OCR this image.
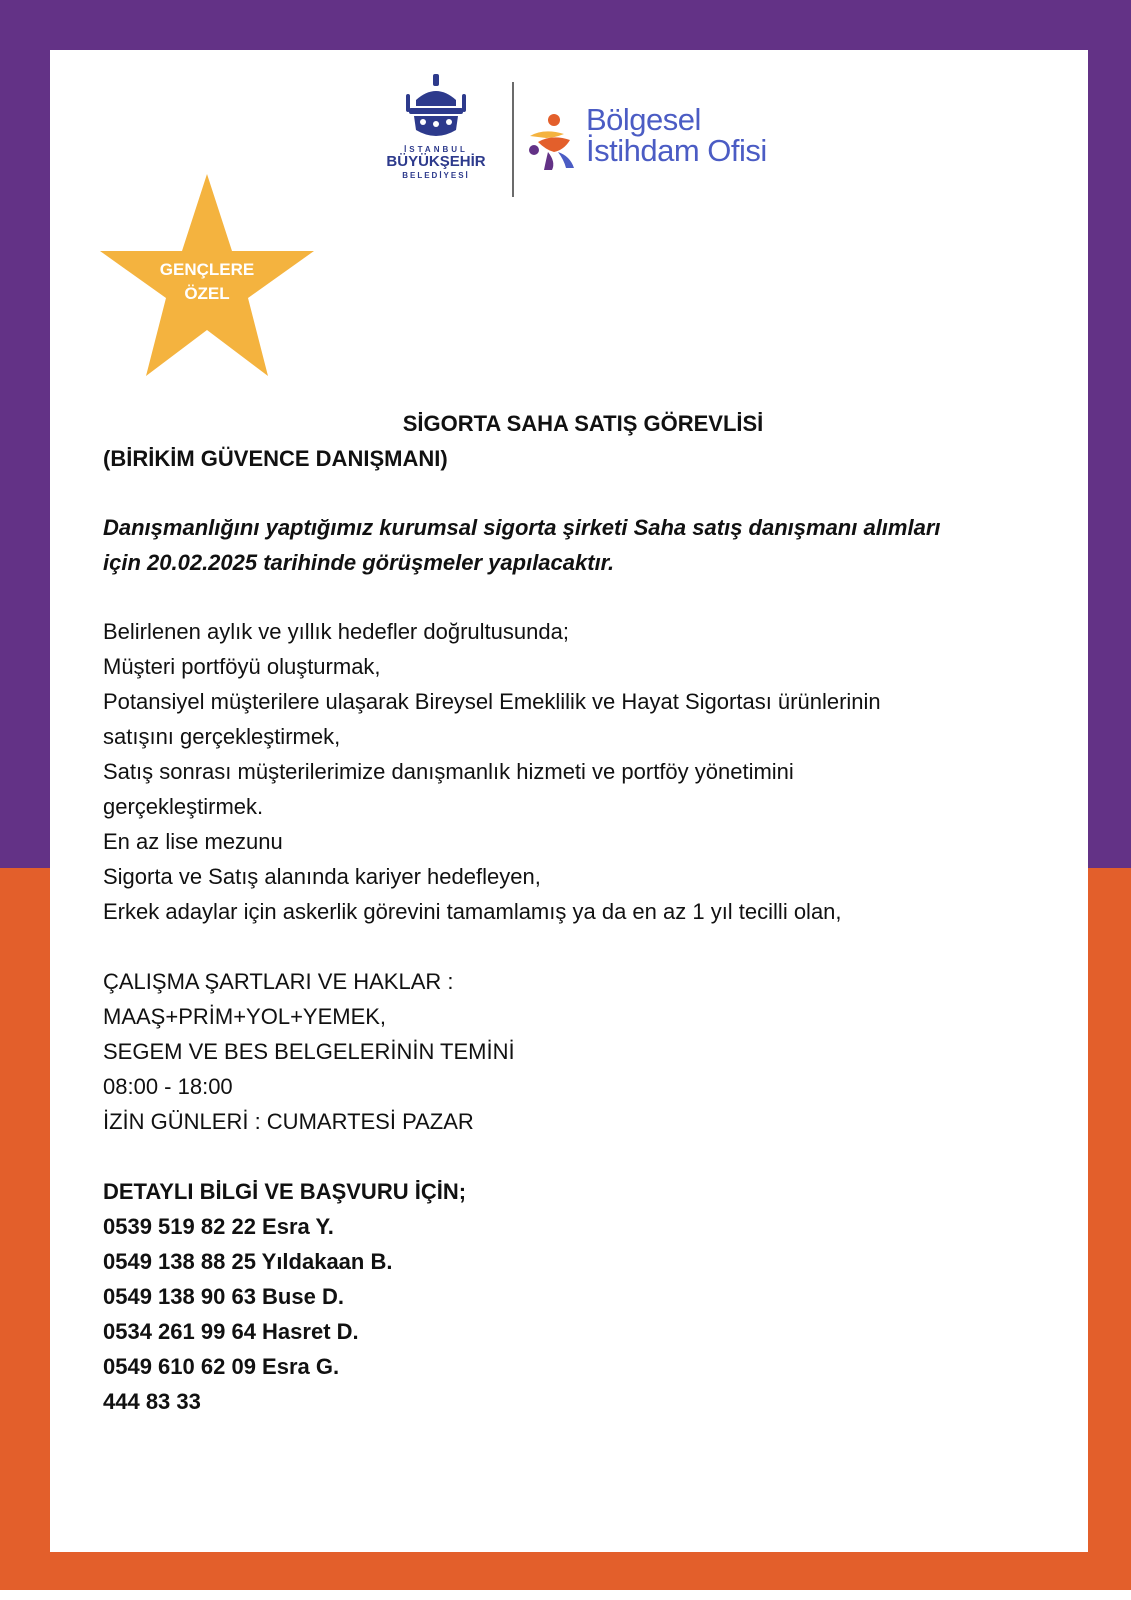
İSTANBUL
BÜYÜKŞEHİR
BELEDİYESİ
Bölgesel
İstihdam Ofisi
GENÇLERE
ÖZEL
SİGORTA SAHA SATIŞ GÖREVLİSİ
(BİRİKİM GÜVENCE DANIŞMANI)
Danışmanlığını yaptığımız kurumsal sigorta şirketi Saha satış danışmanı alımları
için 20.02.2025 tarihinde görüşmeler yapılacaktır.
Belirlenen aylık ve yıllık hedefler doğrultusunda;
Müşteri portföyü oluşturmak,
Potansiyel müşterilere ulaşarak Bireysel Emeklilik ve Hayat Sigortası ürünlerinin
satışını gerçekleştirmek,
Satış sonrası müşterilerimize danışmanlık hizmeti ve portföy yönetimini
gerçekleştirmek.
En az lise mezunu
Sigorta ve Satış alanında kariyer hedefleyen,
Erkek adaylar için askerlik görevini tamamlamış ya da en az 1 yıl tecilli olan,
ÇALIŞMA ŞARTLARI VE HAKLAR :
MAAŞ+PRİM+YOL+YEMEK,
SEGEM VE BES BELGELERİNİN TEMİNİ
08:00 - 18:00
İZİN GÜNLERİ : CUMARTESİ PAZAR
DETAYLI BİLGİ VE BAŞVURU İÇİN;
0539 519 82 22 Esra Y.
0549 138 88 25 Yıldakaan B.
0549 138 90 63 Buse D.
0534 261 99 64 Hasret D.
0549 610 62 09 Esra G.
444 83 33
